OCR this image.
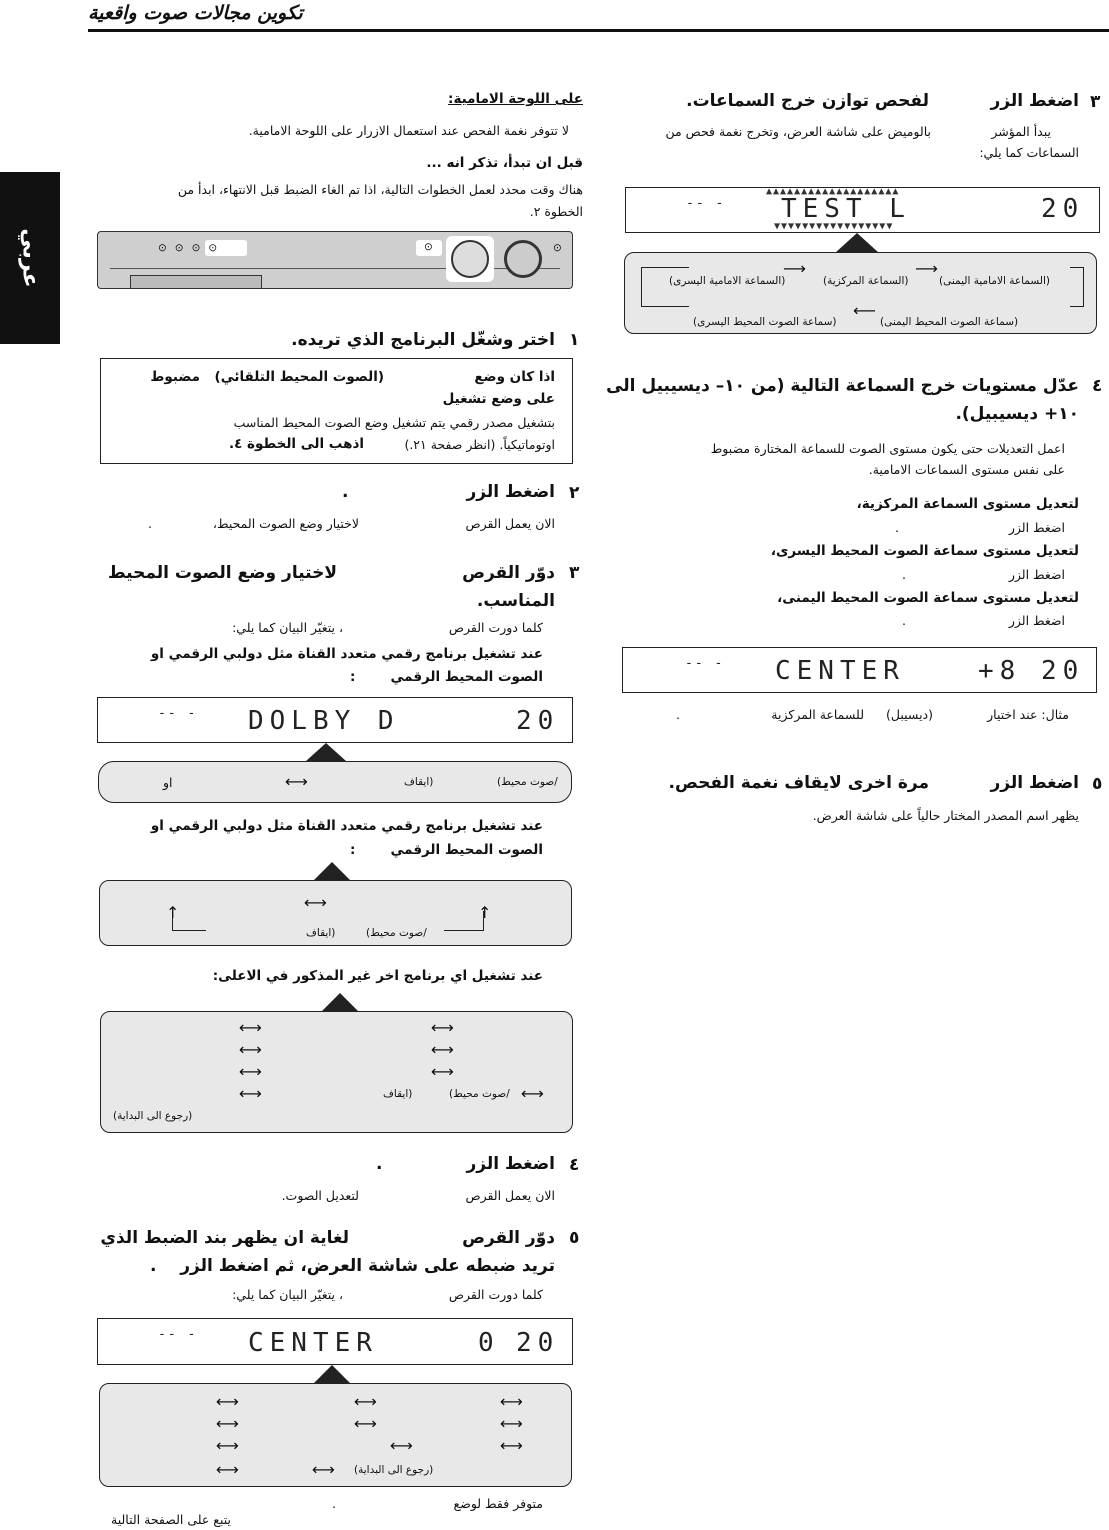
تكوين مجالات صوت واقعية
عربي
٣
اضغط الزر
لفحص توازن خرج السماعات.
يبدأ المؤشر
بالوميض على شاشة العرض، وتخرج نغمة فحص من
السماعات كما يلي:
-- - TEST L	20
▲▲▲▲▲▲▲▲▲▲▲▲▲▲▲▲▲▲▲
▼▼▼▼▼▼▼▼▼▼▼▼▼▼▼▼▼
(السماعة الامامية اليمنى)
(السماعة المركزية)
(السماعة الامامية اليسرى)
(سماعة الصوت المحيط اليمنى)
(سماعة الصوت المحيط اليسرى)
⟶
⟶
⟵
٤
عدّل مستويات خرج السماعة التالية (من ١٠– ديسيبيل الى
١٠+ ديسيبيل).
اعمل التعديلات حتى يكون مستوى الصوت للسماعة المختارة مضبوط
على نفس مستوى السماعات الامامية.
لتعديل مستوى السماعة المركزية،
اضغط الزر
.
لتعديل مستوى سماعة الصوت المحيط اليسرى،
اضغط الزر
.
لتعديل مستوى سماعة الصوت المحيط اليمنى،
اضغط الزر
.
-- - CENTER	+8 20
مثال: عند اختيار
(ديسيبل)
للسماعة المركزية
.
٥
اضغط الزر
مرة اخرى لايقاف نغمة الفحص.
يظهر اسم المصدر المختار حالياً على شاشة العرض.
على اللوحة الامامية:
لا تتوفر نغمة الفحص عند استعمال الازرار على اللوحة الامامية.
قبل ان تبدأ، تذكر انه ...
هناك وقت محدد لعمل الخطوات التالية، اذا تم الغاء الضبط قبل الانتهاء، ابدأ من
الخطوة ٢.
⊙⊙⊙⊙	⊙	⊙
١
اختر وشغّل البرنامج الذي تريده.
اذا كان وضع
(الصوت المحيط التلقائي)
مضبوط
على وضع تشغيل
بتشغيل مصدر رقمي يتم تشغيل وضع الصوت المحيط المناسب
اوتوماتيكياً. (انظر صفحة ٢١.)
اذهب الى الخطوة ٤.
٢
اضغط الزر
.
الان يعمل القرص
لاختيار وضع الصوت المحيط،
.
٣
دوّر القرص
لاختيار وضع الصوت المحيط
المناسب.
كلما دورت القرص
، يتغيّر البيان كما يلي:
عند تشغيل برنامج رقمي متعدد القناة مثل دولبي الرقمي او
الصوت المحيط الرقمي
:
-- - DOLBY D	20
(صوت محيط/
ايقاف)
او	⟷
عند تشغيل برنامج رقمي متعدد القناة مثل دولبي الرقمي او
الصوت المحيط الرقمي
:
⟷
(صوت محيط/
ايقاف)
↑	↑
عند تشغيل اي برنامج اخر غير المذكور في الاعلى:
⟷	⟷
⟷	⟷
⟷	⟷
⟷	⟷
(صوت محيط/
ايقاف)
(رجوع الى البداية)
٤
اضغط الزر
.
الان يعمل القرص
لتعديل الصوت.
٥
دوّر القرص
لغاية ان يظهر بند الضبط الذي
تريد ضبطه على شاشة العرض، ثم اضغط الزر
.
كلما دورت القرص
، يتغيّر البيان كما يلي:
-- - CENTER	0 20
⟷	⟷	⟷
⟷	⟷	⟷
⟷	⟷	⟷
⟷	⟷ (رجوع الى البداية)
متوفر فقط لوضع
.
يتبع على الصفحة التالية
